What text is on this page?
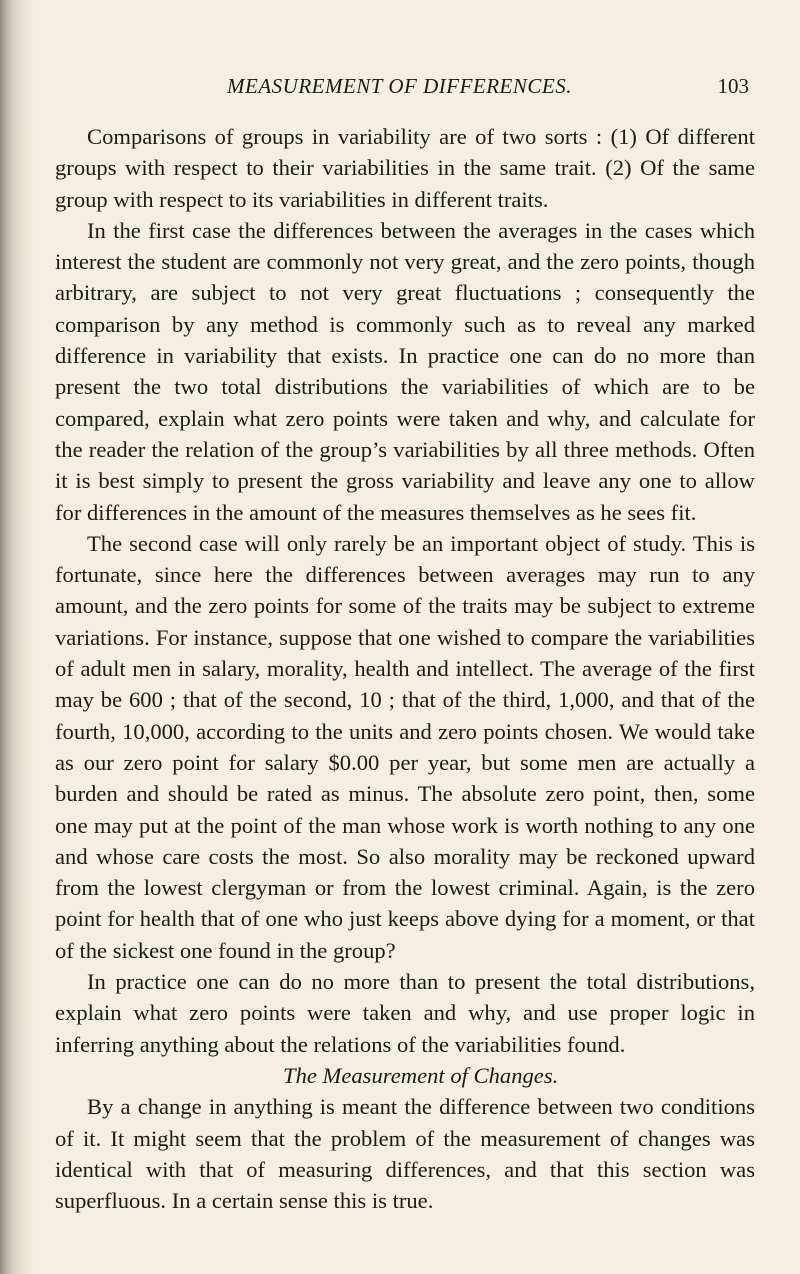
MEASUREMENT OF DIFFERENCES.	103

Comparisons of groups in variability are of two sorts : (1) Of different groups with respect to their variabilities in the same trait. (2) Of the same group with respect to its variabilities in different traits.

In the first case the differences between the averages in the cases which interest the student are commonly not very great, and the zero points, though arbitrary, are subject to not very great fluctuations ; consequently the comparison by any method is commonly such as to reveal any marked difference in variability that exists. In practice one can do no more than present the two total distributions the variabilities of which are to be compared, explain what zero points were taken and why, and calculate for the reader the relation of the group’s variabilities by all three methods. Often it is best simply to present the gross variability and leave any one to allow for differences in the amount of the measures themselves as he sees fit.

The second case will only rarely be an important object of study. This is fortunate, since here the differences between averages may run to any amount, and the zero points for some of the traits may be subject to extreme variations. For instance, suppose that one wished to compare the variabilities of adult men in salary, morality, health and intellect. The average of the first may be 600 ; that of the second, 10 ; that of the third, 1,000, and that of the fourth, 10,000, according to the units and zero points chosen. We would take as our zero point for salary $0.00 per year, but some men are actually a burden and should be rated as minus. The absolute zero point, then, some one may put at the point of the man whose work is worth nothing to any one and whose care costs the most. So also morality may be reckoned upward from the lowest clergyman or from the lowest criminal. Again, is the zero point for health that of one who just keeps above dying for a moment, or that of the sickest one found in the group?

In practice one can do no more than to present the total distributions, explain what zero points were taken and why, and use proper logic in inferring anything about the relations of the variabilities found.

The Measurement of Changes.

By a change in anything is meant the difference between two conditions of it. It might seem that the problem of the measurement of changes was identical with that of measuring differences, and that this section was superfluous. In a certain sense this is true.
